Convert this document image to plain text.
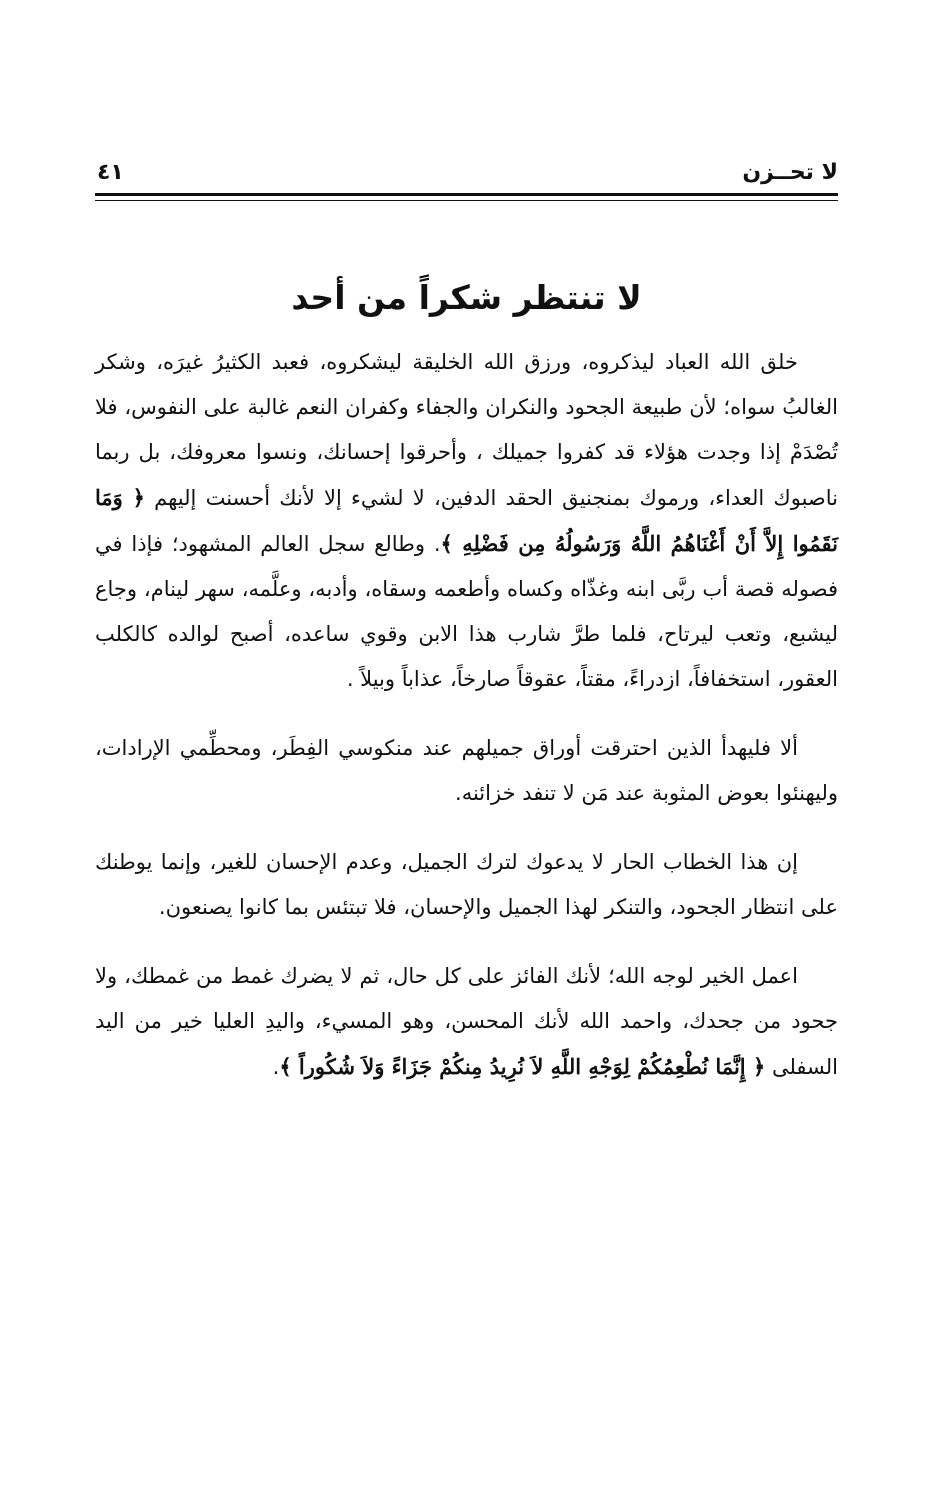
لا تحــزن
٤١
لا تنتظر شكراً من أحد

خلق الله العباد ليذكروه، ورزق الله الخليقة ليشكروه، فعبد الكثيرُ غيرَه، وشكر الغالبُ سواه؛ لأن طبيعة الجحود والنكران والجفاء وكفران النعم غالبة على النفوس، فلا تُصْدَمْ إذا وجدت هؤلاء قد كفروا جميلك ، وأحرقوا إحسانك، ونسوا معروفك، بل ربما ناصبوك العداء، ورموك بمنجنيق الحقد الدفين، لا لشيء إلا لأنك أحسنت إليهم ﴿ وَمَا نَقَمُوا إِلاَّ أَنْ أَغْنَاهُمُ اللَّهُ وَرَسُولُهُ مِن فَضْلِهِ ﴾. وطالع سجل العالم المشهود؛ فإذا في فصوله قصة أب ربَّى ابنه وغذّاه وكساه وأطعمه وسقاه، وأدبه، وعلَّمه، سهر لينام، وجاع ليشبع، وتعب ليرتاح، فلما طرَّ شارب هذا الابن وقوي ساعده، أصبح لوالده كالكلب العقور، استخفافاً، ازدراءً، مقتاً، عقوقاً صارخاً، عذاباً وبيلاً .

ألا فليهدأ الذين احترقت أوراق جميلهم عند منكوسي الفِطَر، ومحطِّمي الإرادات، وليهنئوا بعوض المثوبة عند مَن لا تنفد خزائنه.

إن هذا الخطاب الحار لا يدعوك لترك الجميل، وعدم الإحسان للغير، وإنما يوطنك على انتظار الجحود، والتنكر لهذا الجميل والإحسان، فلا تبتئس بما كانوا يصنعون.

اعمل الخير لوجه الله؛ لأنك الفائز على كل حال، ثم لا يضرك غمط من غمطك، ولا جحود من جحدك، واحمد الله لأنك المحسن، وهو المسيء، واليدِ العليا خير من اليد السفلى ﴿ إِنَّمَا نُطْعِمُكُمْ لِوَجْهِ اللَّهِ لاَ نُرِيدُ مِنكُمْ جَزَاءً وَلاَ شُكُوراً ﴾.
